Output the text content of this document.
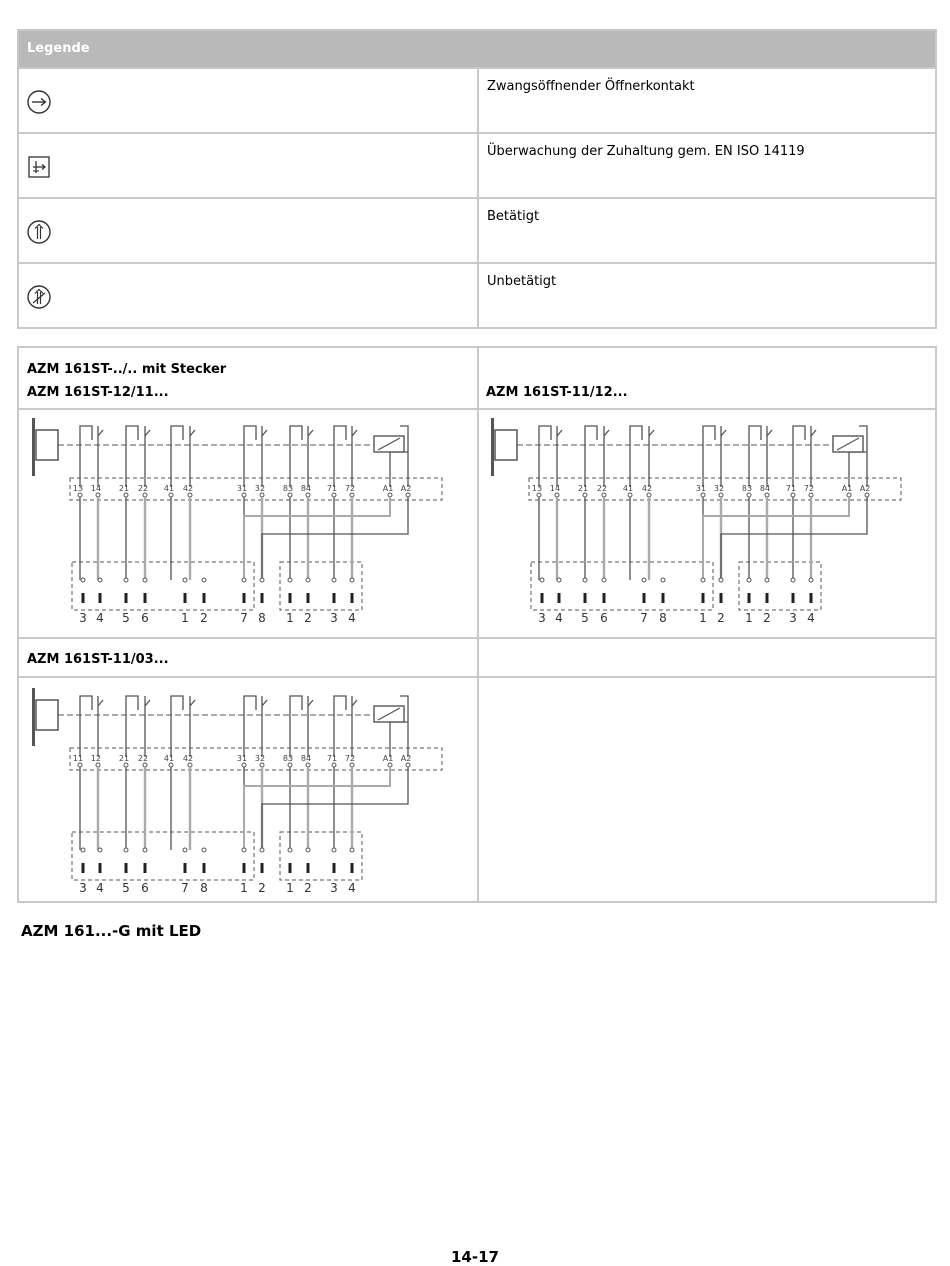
Legende
Zwangsöffnender Öffnerkontakt
Überwachung der Zuhaltung gem. EN ISO 14119
Betätigt
Unbetätigt
AZM 161ST-../.. mit Stecker
AZM 161ST-12/11...	AZM 161ST-11/12...
AZM 161ST-11/03...
13 14 21 22 41 42	31 32 83 84 71 72	A1 A2
3 4 5 6	1 2	7 8 1 2 3 4
13 14 21 22 41 42	31 32 83 84 71 72	A1 A2
3 4 5 6	7 8	1 2 1 2 3 4
11 12 21 22 41 42	31 32 83 84 71 72	A1 A2
3 4 5 6	7 8	1 2 1 2 3 4
AZM 161...-G mit LED
14-17
